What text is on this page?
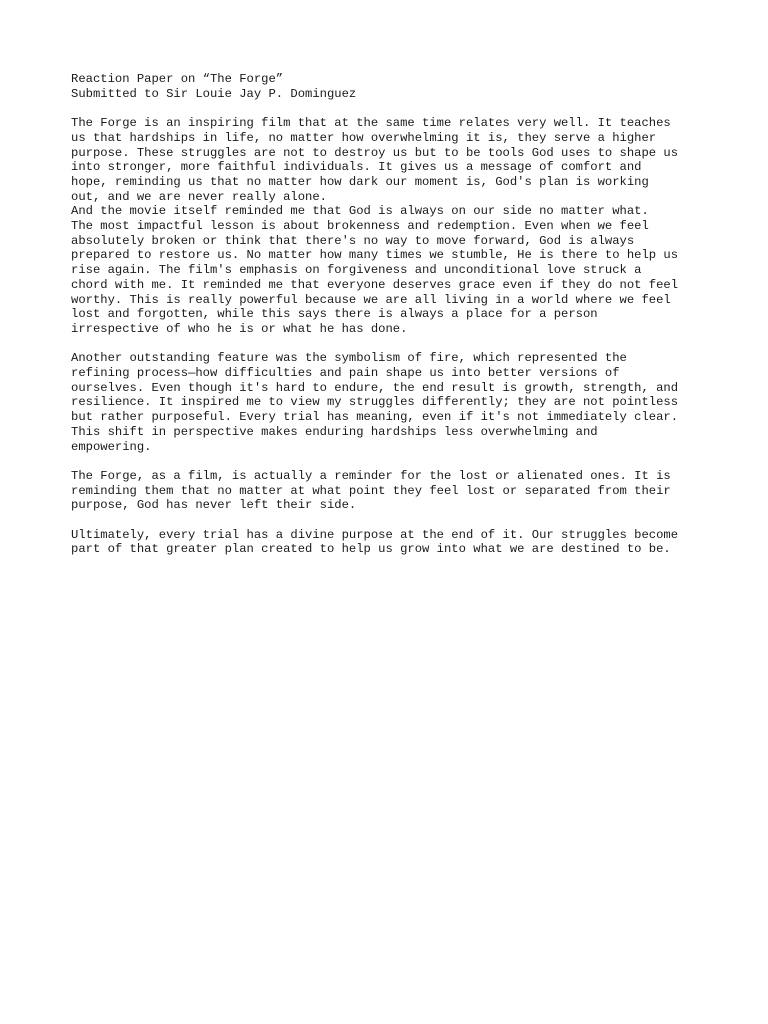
Reaction Paper on “The Forge”
Submitted to Sir Louie Jay P. Dominguez
The Forge is an inspiring film that at the same time relates very well. It teaches
us that hardships in life, no matter how overwhelming it is, they serve a higher
purpose. These struggles are not to destroy us but to be tools God uses to shape us
into stronger, more faithful individuals. It gives us a message of comfort and
hope, reminding us that no matter how dark our moment is, God's plan is working
out, and we are never really alone.
And the movie itself reminded me that God is always on our side no matter what.
The most impactful lesson is about brokenness and redemption. Even when we feel
absolutely broken or think that there's no way to move forward, God is always
prepared to restore us. No matter how many times we stumble, He is there to help us
rise again. The film's emphasis on forgiveness and unconditional love struck a
chord with me. It reminded me that everyone deserves grace even if they do not feel
worthy. This is really powerful because we are all living in a world where we feel
lost and forgotten, while this says there is always a place for a person
irrespective of who he is or what he has done.
Another outstanding feature was the symbolism of fire, which represented the
refining process—how difficulties and pain shape us into better versions of
ourselves. Even though it's hard to endure, the end result is growth, strength, and
resilience. It inspired me to view my struggles differently; they are not pointless
but rather purposeful. Every trial has meaning, even if it's not immediately clear.
This shift in perspective makes enduring hardships less overwhelming and
empowering.
The Forge, as a film, is actually a reminder for the lost or alienated ones. It is
reminding them that no matter at what point they feel lost or separated from their
purpose, God has never left their side.
Ultimately, every trial has a divine purpose at the end of it. Our struggles become
part of that greater plan created to help us grow into what we are destined to be.
